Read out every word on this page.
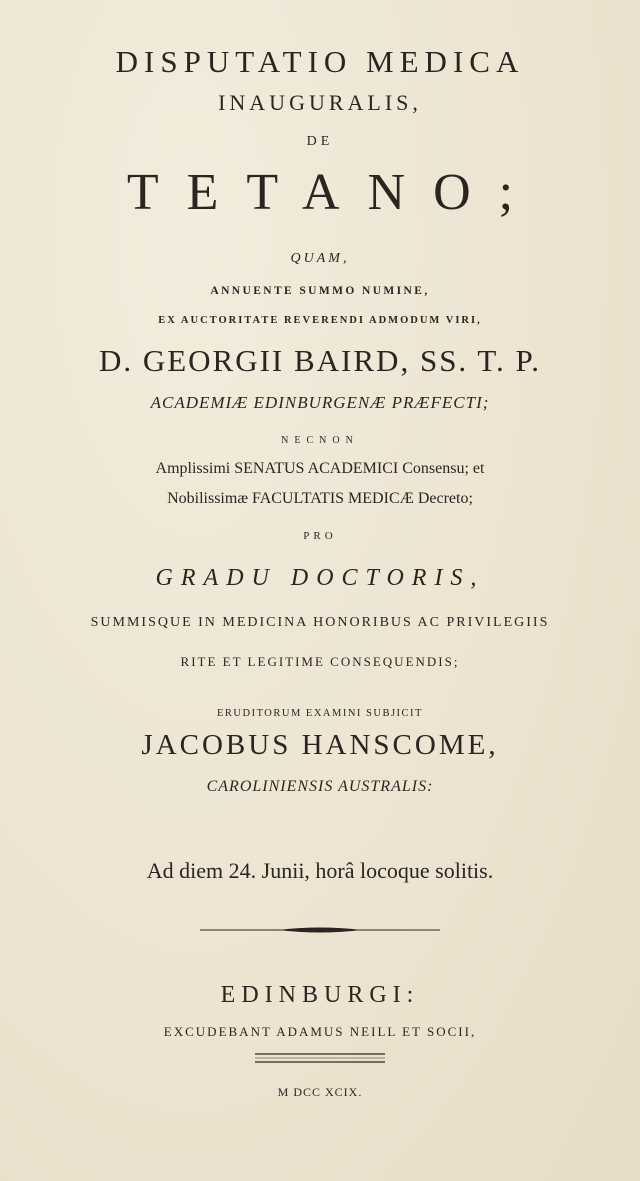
DISPUTATIO MEDICA
INAUGURALIS,
DE
TETANO;
QUAM,
ANNUENTE SUMMO NUMINE,
EX AUCTORITATE REVERENDI ADMODUM VIRI,
D. GEORGII BAIRD, SS. T. P.
ACADEMIÆ EDINBURGENÆ PRÆFECTI;
NECNON
Amplissimi SENATUS ACADEMICI Consensu; et
Nobilissimæ FACULTATIS MEDICÆ Decreto;
PRO
GRADU DOCTORIS,
SUMMISQUE IN MEDICINA HONORIBUS AC PRIVILEGIIS
RITE ET LEGITIME CONSEQUENDIS;
ERUDITORUM EXAMINI SUBJICIT
JACOBUS HANSCOME,
CAROLINIENSIS AUSTRALIS:
Ad diem 24. Junii, horâ locoque solitis.
EDINBURGI:
EXCUDEBANT ADAMUS NEILL ET SOCII,
M DCC XCIX.
